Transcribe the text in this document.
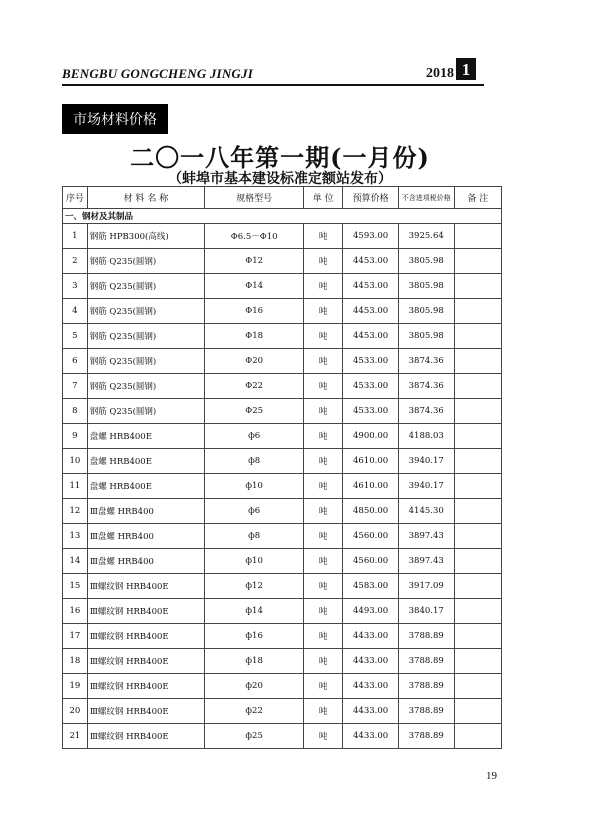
BENGBU GONGCHENG JINGJI	2018 1
市场材料价格
二〇一八年第一期(一月份)
（蚌埠市基本建设标准定额站发布）
序号	材 料 名 称	规格型号	单 位	预算价格	不含进项税价格	备 注
一、钢材及其制品						
1	钢筋 HPB300(高线)	Φ6.5－Φ10	吨	4593.00	3925.64	
2	钢筋 Q235(圆钢)	Φ12	吨	4453.00	3805.98	
3	钢筋 Q235(圆钢)	Φ14	吨	4453.00	3805.98	
4	钢筋 Q235(圆钢)	Φ16	吨	4453.00	3805.98	
5	钢筋 Q235(圆钢)	Φ18	吨	4453.00	3805.98	
6	钢筋 Q235(圆钢)	Φ20	吨	4533.00	3874.36	
7	钢筋 Q235(圆钢)	Φ22	吨	4533.00	3874.36	
8	钢筋 Q235(圆钢)	Φ25	吨	4533.00	3874.36	
9	盘螺 HRB400E	ф6	吨	4900.00	4188.03	
10	盘螺 HRB400E	ф8	吨	4610.00	3940.17	
11	盘螺 HRB400E	ф10	吨	4610.00	3940.17	
12	Ⅲ盘螺 HRB400	ф6	吨	4850.00	4145.30	
13	Ⅲ盘螺 HRB400	ф8	吨	4560.00	3897.43	
14	Ⅲ盘螺 HRB400	ф10	吨	4560.00	3897.43	
15	Ⅲ螺纹钢 HRB400E	ф12	吨	4583.00	3917.09	
16	Ⅲ螺纹钢 HRB400E	ф14	吨	4493.00	3840.17	
17	Ⅲ螺纹钢 HRB400E	ф16	吨	4433.00	3788.89	
18	Ⅲ螺纹钢 HRB400E	ф18	吨	4433.00	3788.89	
19	Ⅲ螺纹钢 HRB400E	ф20	吨	4433.00	3788.89	
20	Ⅲ螺纹钢 HRB400E	ф22	吨	4433.00	3788.89	
21	Ⅲ螺纹钢 HRB400E	ф25	吨	4433.00	3788.89	
19
